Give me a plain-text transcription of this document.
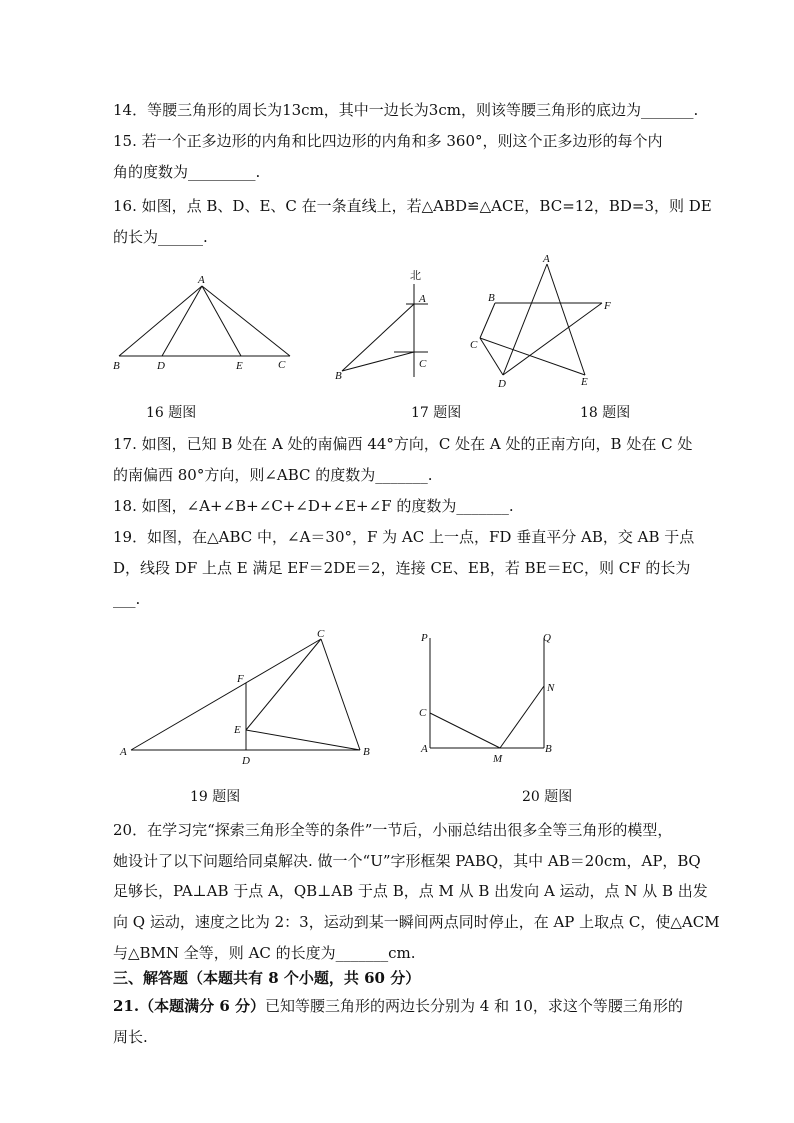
14．等腰三角形的周长为13cm，其中一边长为3cm，则该等腰三角形的底边为_______.
15. 若一个正多边形的内角和比四边形的内角和多 360°，则这个正多边形的每个内
角的度数为_________.
16. 如图，点 B、D、E、C 在一条直线上，若△ABD≌△ACE，BC=12，BD=3，则 DE
的长为______.
A
B	D	E	C
北
A
C
B
A
B
F
C
D	E
16 题图	17 题图	18 题图
17. 如图，已知 B 处在 A 处的南偏西 44°方向，C 处在 A 处的正南方向，B 处在 C 处
的南偏西 80°方向，则∠ABC 的度数为_______.
18. 如图，∠A+∠B+∠C+∠D+∠E+∠F 的度数为_______.
19．如图，在△ABC 中，∠A＝30°，F 为 AC 上一点，FD 垂直平分 AB，交 AB 于点
D，线段 DF 上点 E 满足 EF＝2DE＝2，连接 CE、EB，若 BE＝EC，则 CF 的长为
___.
C
F
E
A
D
B
P	Q
N
C
A
M
B
19 题图	20 题图
20．在学习完“探索三角形全等的条件”一节后，小丽总结出很多全等三角形的模型，
她设计了以下问题给同桌解决. 做一个“U”字形框架 PABQ，其中 AB＝20cm，AP，BQ
足够长，PA⊥AB 于点 A，QB⊥AB 于点 B，点 M 从 B 出发向 A 运动，点 N 从 B 出发
向 Q 运动，速度之比为 2：3，运动到某一瞬间两点同时停止，在 AP 上取点 C，使△ACM
与△BMN 全等，则 AC 的长度为_______cm.
三、解答题（本题共有 8 个小题，共 60 分）
21.（本题满分 6 分）已知等腰三角形的两边长分别为 4 和 10，求这个等腰三角形的
周长.
